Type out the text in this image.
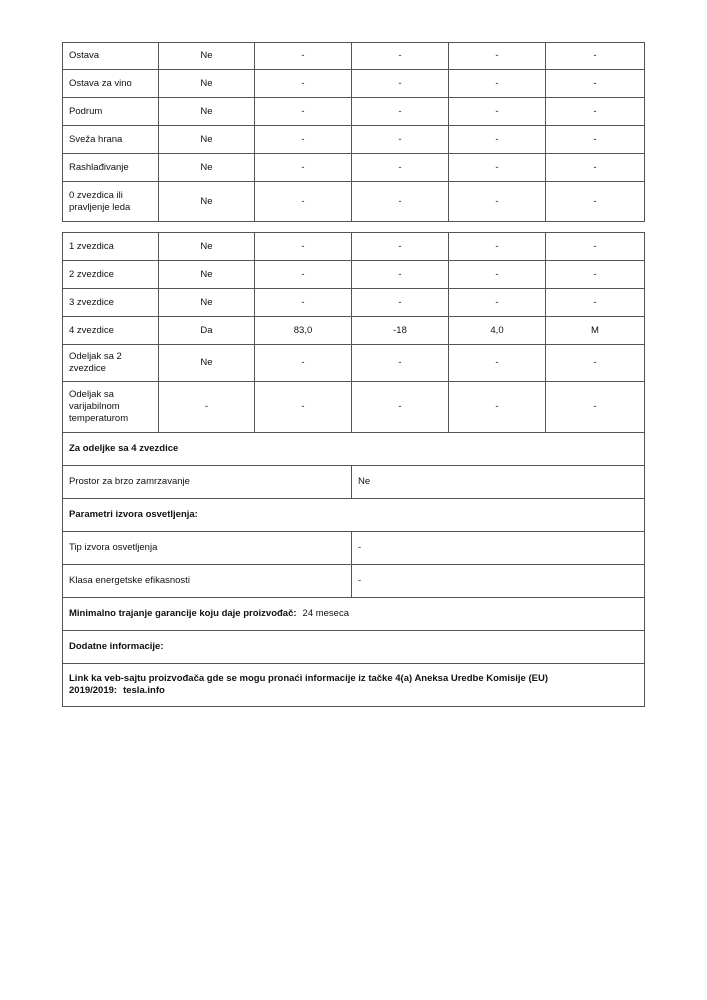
Ostava	Ne	-	-	-	-
Ostava za vino	Ne	-	-	-	-
Podrum	Ne	-	-	-	-
Sveža hrana	Ne	-	-	-	-
Rashlađivanje	Ne	-	-	-	-
0 zvezdica ili pravljenje leda	Ne	-	-	-	-
1 zvezdica	Ne	-	-	-	-
2 zvezdice	Ne	-	-	-	-
3 zvezdice	Ne	-	-	-	-
4 zvezdice	Da	83,0	-18	4,0	M
Odeljak sa 2 zvezdice	Ne	-	-	-	-
Odeljak sa varijabilnom temperaturom	-	-	-	-	-
Za odeljke sa 4 zvezdice	
Prostor za brzo zamrzavanje	Ne
Parametri izvora osvetljenja:	
Tip izvora osvetljenja	-
Klasa energetske efikasnosti	-
Minimalno trajanje garancije koju daje proizvođač: 24 meseca	
Dodatne informacije:	
Link ka veb-sajtu proizvođača gde se mogu pronaći informacije iz tačke 4(a) Aneksa Uredbe Komisije (EU) 2019/2019: tesla.info	
